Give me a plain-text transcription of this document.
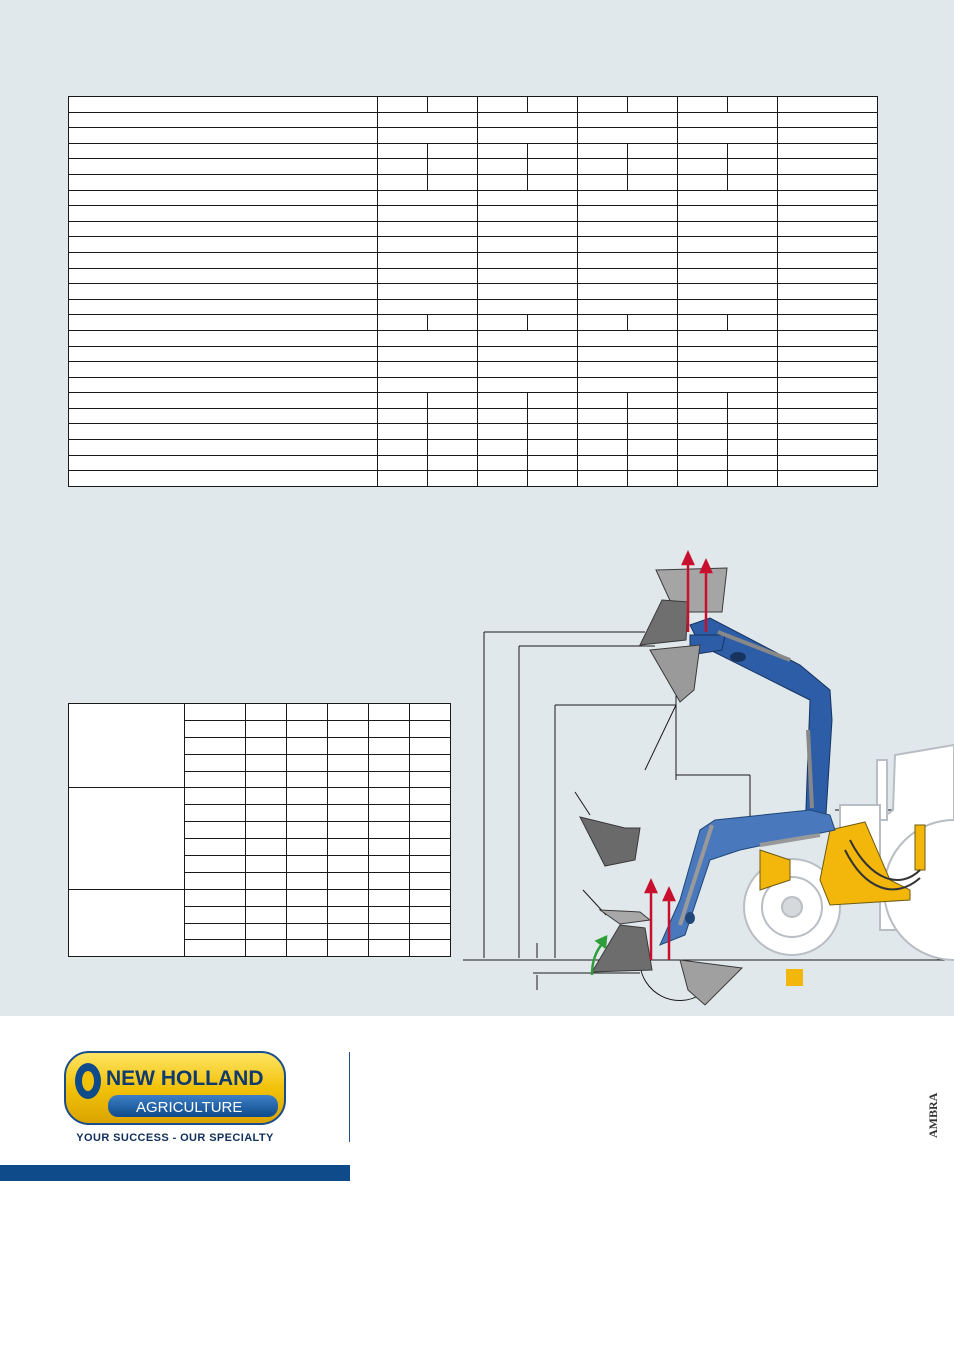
NEW HOLLAND
AGRICULTURE
YOUR SUCCESS - OUR SPECIALTY	AMBRA
